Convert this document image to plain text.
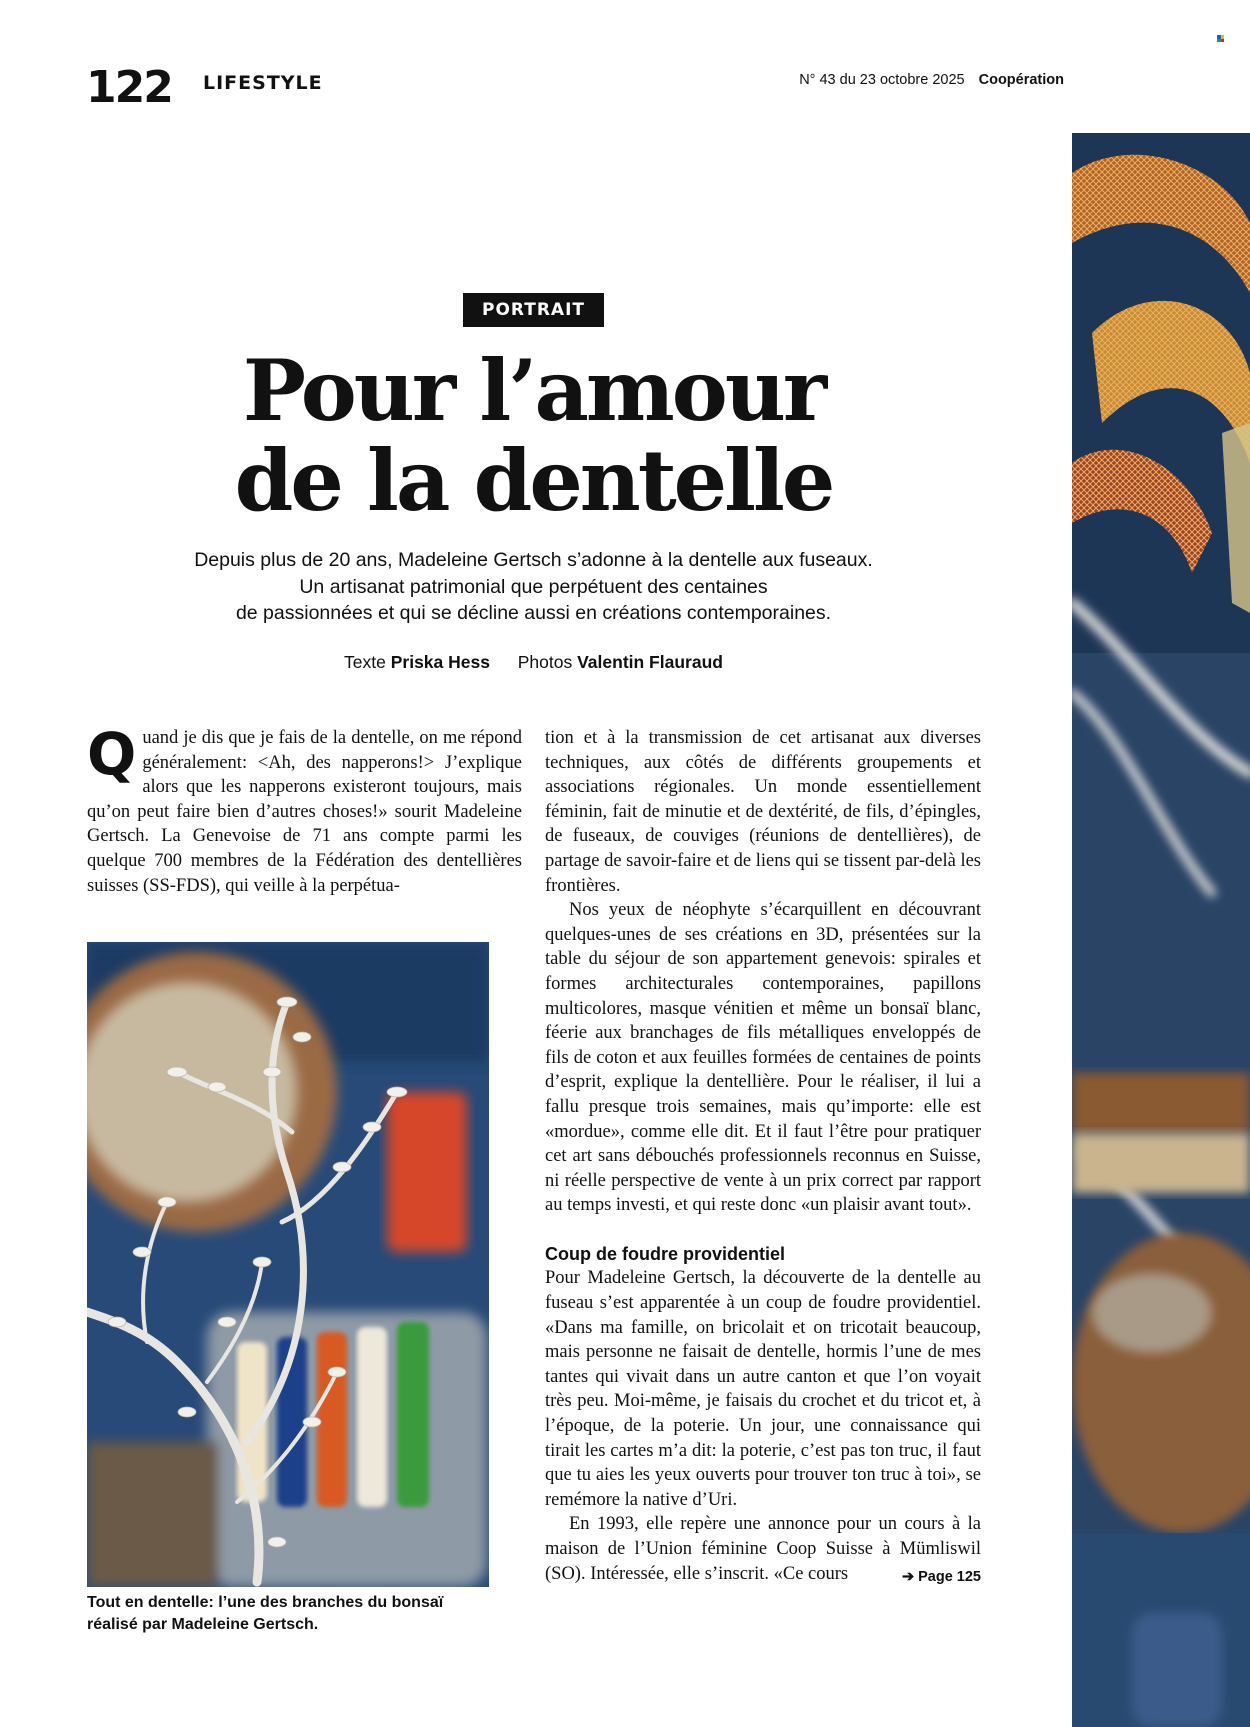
122 LIFESTYLE	N° 43 du 23 octobre 2025 Coopération
PORTRAIT
Pour l’amour
de la dentelle
Depuis plus de 20 ans, Madeleine Gertsch s’adonne à la dentelle aux fuseaux.
Un artisanat patrimonial que perpétuent des centaines
de passionnées et qui se décline aussi en créations contemporaines.
Texte Priska Hess Photos Valentin Flauraud
Q uand je dis que je fais de la dentelle, on me répond généralement: <Ah, des napperons!> J’explique alors que les napperons existeront toujours, mais qu’on peut faire bien d’autres choses!» sourit Madeleine Gertsch. La Genevoise de 71 ans compte parmi les quelque 700 membres de la Fédération des dentellières suisses (SS-FDS), qui veille à la perpétua-

Tout en dentelle: l’une des branches du bonsaï
réalisé par Madeleine Gertsch.

tion et à la transmission de cet artisanat aux diverses techniques, aux côtés de différents groupements et associations régionales. Un monde essentiellement féminin, fait de minutie et de dextérité, de fils, d’épingles, de fuseaux, de couviges (réunions de dentellières), de partage de savoir-faire et de liens qui se tissent par-delà les frontières.

Nos yeux de néophyte s’écarquillent en découvrant quelques-unes de ses créations en 3D, présentées sur la table du séjour de son appartement genevois: spirales et formes architecturales contemporaines, papillons multicolores, masque vénitien et même un bonsaï blanc, féerie aux branchages de fils métalliques enveloppés de fils de coton et aux feuilles formées de centaines de points d’esprit, explique la dentellière. Pour le réaliser, il lui a fallu presque trois semaines, mais qu’importe: elle est «mordue», comme elle dit. Et il faut l’être pour pratiquer cet art sans débouchés professionnels reconnus en Suisse, ni réelle perspective de vente à un prix correct par rapport au temps investi, et qui reste donc «un plaisir avant tout».

Coup de foudre providentiel

Pour Madeleine Gertsch, la découverte de la dentelle au fuseau s’est apparentée à un coup de foudre providentiel. «Dans ma famille, on bricolait et on tricotait beaucoup, mais personne ne faisait de dentelle, hormis l’une de mes tantes qui vivait dans un autre canton et que l’on voyait très peu. Moi-même, je faisais du crochet et du tricot et, à l’époque, de la poterie. Un jour, une connaissance qui tirait les cartes m’a dit: la poterie, c’est pas ton truc, il faut que tu aies les yeux ouverts pour trouver ton truc à toi», se remémore la native d’Uri.

En 1993, elle repère une annonce pour un cours à la maison de l’Union féminine Coop Suisse à Mümliswil (SO). Intéressée, elle s’inscrit. «Ce cours	➔ Page 125
